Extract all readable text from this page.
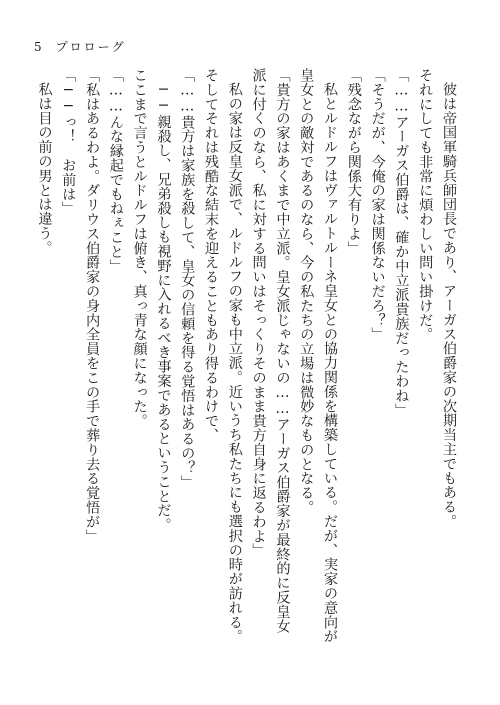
5 プロローグ
彼は帝国軍騎兵師団長であり、アーガス伯爵家の次期当主でもある。
それにしても非常に煩わしい問い掛けだ。
「……アーガス伯爵は、確か中立派貴族だったわね」
「そうだが、今俺の家は関係ないだろ？」
「残念ながら関係大有りよ」
私とルドルフはヴァルトルーネ皇女との協力関係を構築している。だが、実家の意向が
皇女との敵対であるのなら、今の私たちの立場は微妙なものとなる。
「貴方の家はあくまで中立派。皇女派じゃないの……アーガス伯爵家が最終的に反皇女
派に付くのなら、私に対する問いはそっくりそのまま貴方自身に返るわよ」
私の家は反皇女派で、ルドルフの家も中立派。近いうち私たちにも選択の時が訪れる。
そしてそれは残酷な結末を迎えることもあり得るわけで、
「……貴方は家族を殺して、皇女の信頼を得る覚悟はあるの？」
──親殺し、兄弟殺しも視野に入れるべき事案であるということだ。
ここまで言うとルドルフは俯き、真っ青な顔になった。
「……んな縁起でもねぇこと」
「私はあるわよ。ダリウス伯爵家の身内全員をこの手で葬り去る覚悟が」
「──っ！　お前は」
私は目の前の男とは違う。
